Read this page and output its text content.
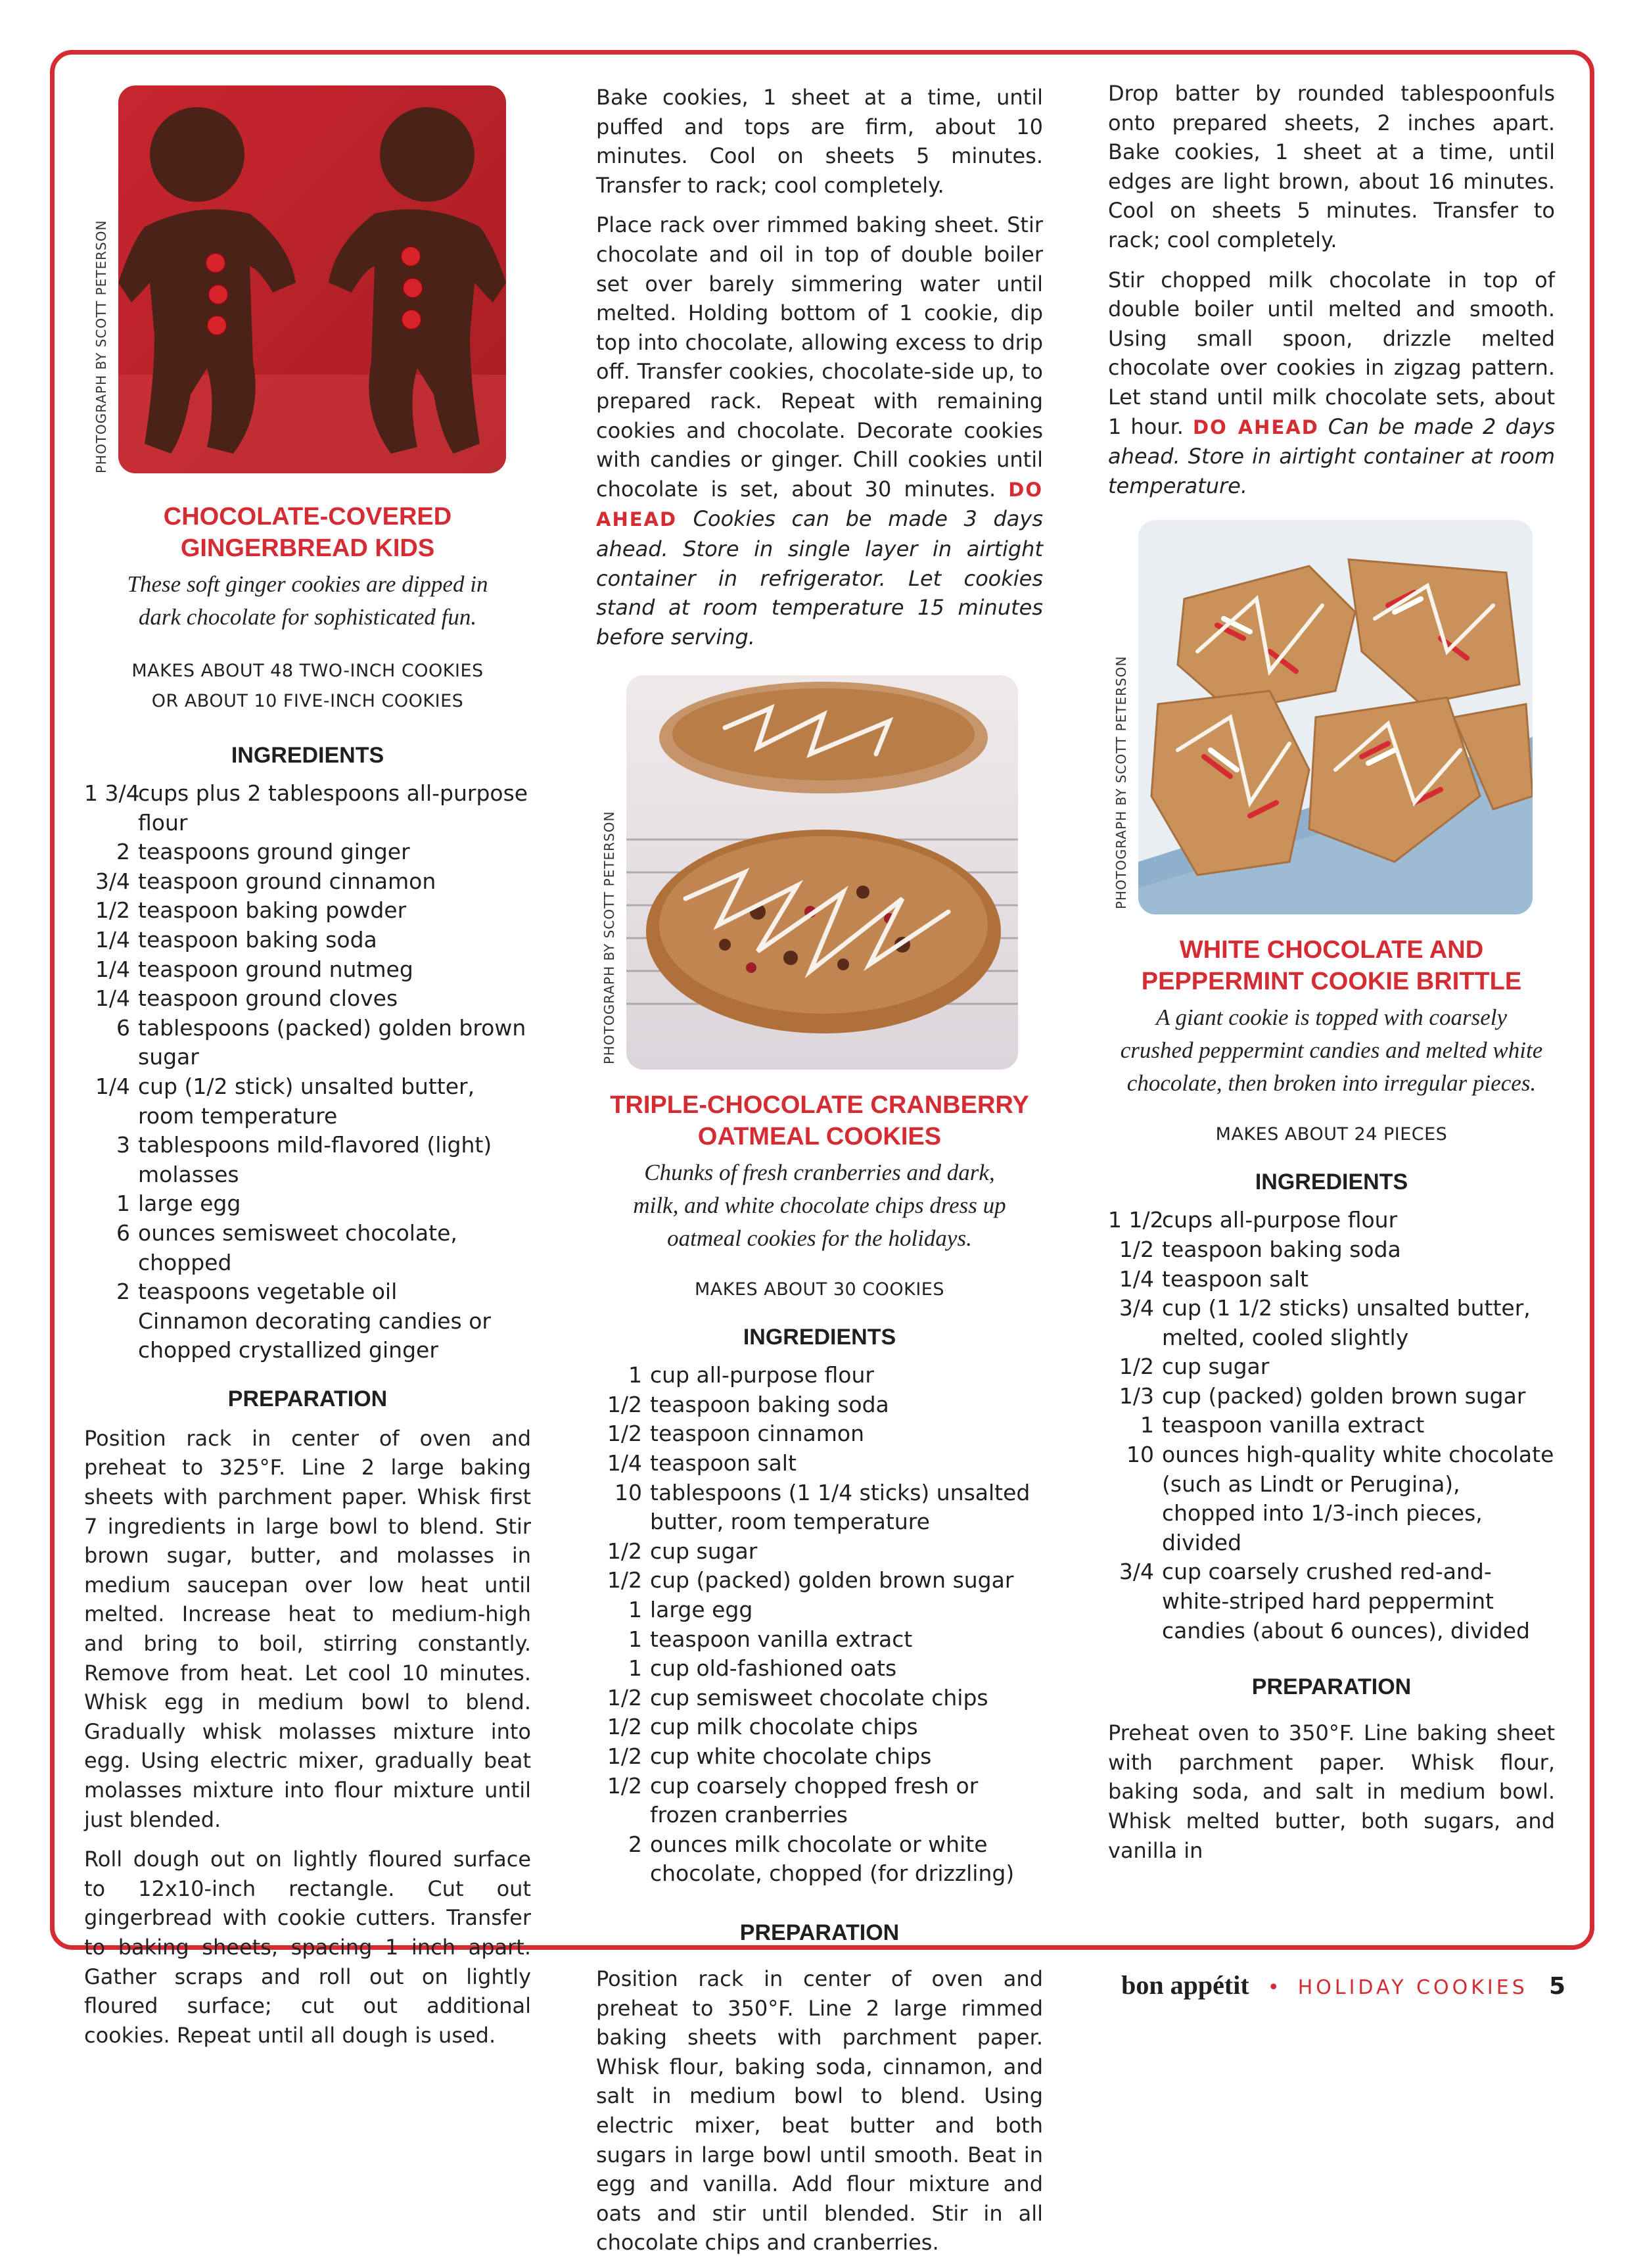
PHOTOGRAPH BY SCOTT PETERSON

CHOCOLATE-COVERED
GINGERBREAD KIDS

These soft ginger cookies are dipped in
dark chocolate for sophisticated fun.

MAKES ABOUT 48 TWO-INCH COOKIES
OR ABOUT 10 FIVE-INCH COOKIES

INGREDIENTS

1 3/4
cups plus 2 tablespoons all-purpose flour
2 teaspoons ground ginger
3/4 teaspoon ground cinnamon
1/2 teaspoon baking powder
1/4 teaspoon baking soda
1/4 teaspoon ground nutmeg
1/4 teaspoon ground cloves
6 tablespoons (packed) golden brown sugar
1/4 cup (1/2 stick) unsalted butter, room temperature
3 tablespoons mild-flavored (light) molasses
1 large egg
6 ounces semisweet chocolate, chopped
2 teaspoons vegetable oil
Cinnamon decorating candies or chopped crystallized ginger

PREPARATION

Position rack in center of oven and preheat to 325°F. Line 2 large baking sheets with parchment paper. Whisk first 7 ingredients in large bowl to blend. Stir brown sugar, butter, and molasses in medium saucepan over low heat until melted. Increase heat to medium-high and bring to boil, stirring constantly. Remove from heat. Let cool 10 minutes. Whisk egg in medium bowl to blend. Gradually whisk molasses mixture into egg. Using electric mixer, gradually beat molasses mixture into flour mixture until just blended.

Roll dough out on lightly floured surface to 12x10-inch rectangle. Cut out gingerbread with cookie cutters. Transfer to baking sheets, spacing 1 inch apart. Gather scraps and roll out on lightly floured surface; cut out additional cookies. Repeat until all dough is used.

Bake cookies, 1 sheet at a time, until puffed and tops are firm, about 10 minutes. Cool on sheets 5 minutes. Transfer to rack; cool completely.

Place rack over rimmed baking sheet. Stir chocolate and oil in top of double boiler set over barely simmering water until melted. Holding bottom of 1 cookie, dip top into chocolate, allowing excess to drip off. Transfer cookies, chocolate-side up, to prepared rack. Repeat with remaining cookies and chocolate. Decorate cookies with candies or ginger. Chill cookies until chocolate is set, about 30 minutes. DO AHEAD Cookies can be made 3 days ahead. Store in single layer in airtight container in refrigerator. Let cookies stand at room temperature 15 minutes before serving.

PHOTOGRAPH BY SCOTT PETERSON

TRIPLE-CHOCOLATE CRANBERRY
OATMEAL COOKIES

Chunks of fresh cranberries and dark,
milk, and white chocolate chips dress up
oatmeal cookies for the holidays.

MAKES ABOUT 30 COOKIES

INGREDIENTS

1 cup all-purpose flour
1/2 teaspoon baking soda
1/2 teaspoon cinnamon
1/4 teaspoon salt
10 tablespoons (1 1/4 sticks) unsalted butter, room temperature
1/2 cup sugar
1/2 cup (packed) golden brown sugar
1 large egg
1 teaspoon vanilla extract
1 cup old-fashioned oats
1/2 cup semisweet chocolate chips
1/2 cup milk chocolate chips
1/2 cup white chocolate chips
1/2 cup coarsely chopped fresh or frozen cranberries
2 ounces milk chocolate or white chocolate, chopped (for drizzling)

PREPARATION

Position rack in center of oven and preheat to 350°F. Line 2 large rimmed baking sheets with parchment paper. Whisk flour, baking soda, cinnamon, and salt in medium bowl to blend. Using electric mixer, beat butter and both sugars in large bowl until smooth. Beat in egg and vanilla. Add flour mixture and oats and stir until blended. Stir in all chocolate chips and cranberries.

Drop batter by rounded tablespoonfuls onto prepared sheets, 2 inches apart. Bake cookies, 1 sheet at a time, until edges are light brown, about 16 minutes. Cool on sheets 5 minutes. Transfer to rack; cool completely.

Stir chopped milk chocolate in top of double boiler until melted and smooth. Using small spoon, drizzle melted chocolate over cookies in zigzag pattern. Let stand until milk chocolate sets, about 1 hour. DO AHEAD Can be made 2 days ahead. Store in airtight container at room temperature.

PHOTOGRAPH BY SCOTT PETERSON

WHITE CHOCOLATE AND
PEPPERMINT COOKIE BRITTLE

A giant cookie is topped with coarsely
crushed peppermint candies and melted white
chocolate, then broken into irregular pieces.

MAKES ABOUT 24 PIECES

INGREDIENTS

1 1/2
cups all-purpose flour
1/2 teaspoon baking soda
1/4 teaspoon salt
3/4 cup (1 1/2 sticks) unsalted butter, melted, cooled slightly
1/2 cup sugar
1/3 cup (packed) golden brown sugar
1 teaspoon vanilla extract
10 ounces high-quality white chocolate (such as Lindt or Perugina), chopped into 1/3-inch pieces, divided
3/4 cup coarsely crushed red-and-white-striped hard peppermint candies (about 6 ounces), divided

PREPARATION

Preheat oven to 350°F. Line baking sheet with parchment paper. Whisk flour, baking soda, and salt in medium bowl. Whisk melted butter, both sugars, and vanilla in

bon appétit • HOLIDAY COOKIES 5
